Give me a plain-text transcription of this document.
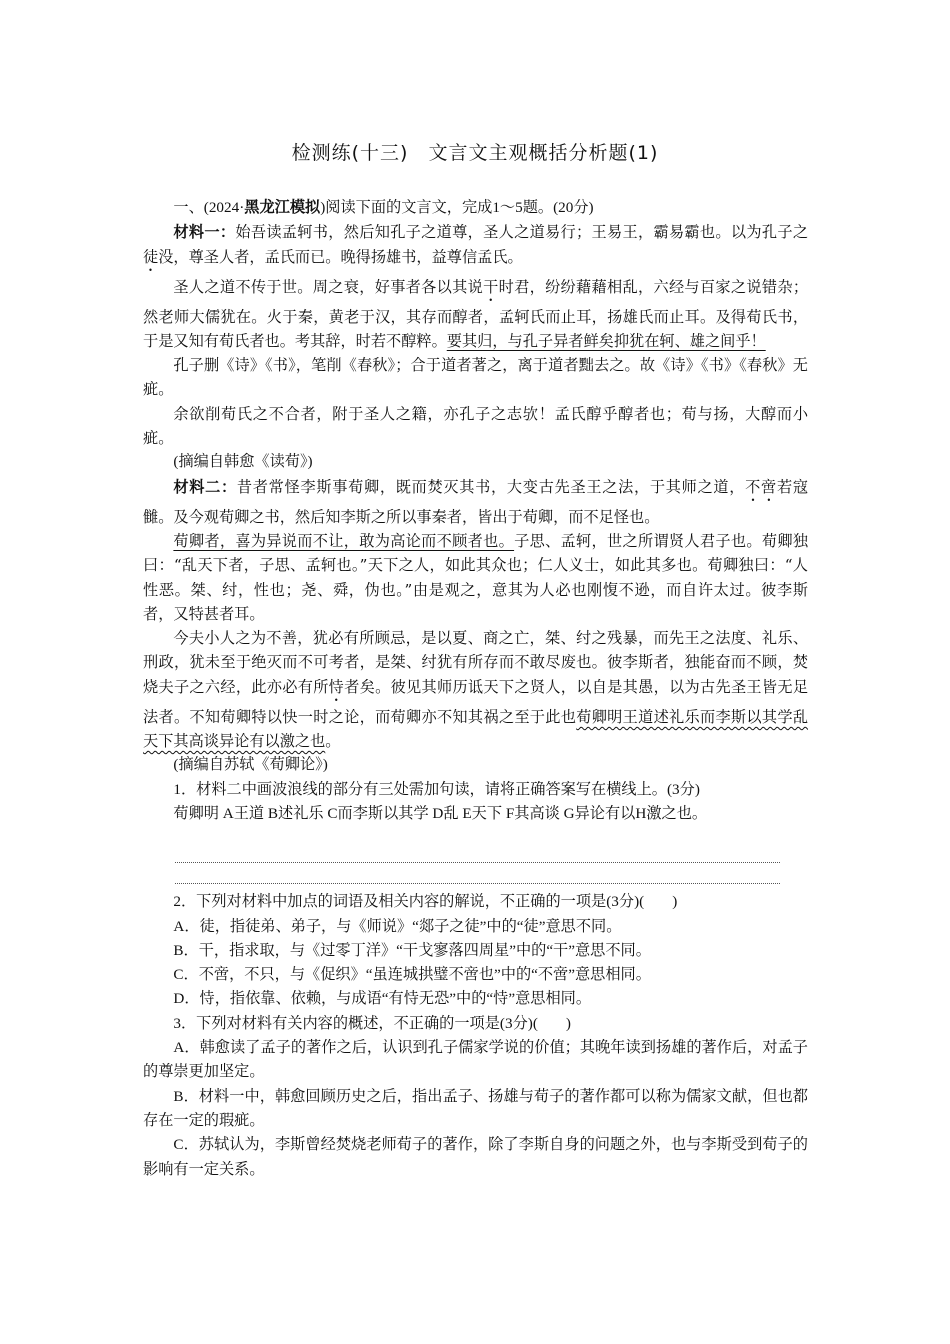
检测练(十三)　文言文主观概括分析题(1)

一、(2024·黑龙江模拟)阅读下面的文言文，完成1～5题。(20分)

材料一：始吾读孟轲书，然后知孔子之道尊，圣人之道易行；王易王，霸易霸也。以为孔子之徒没，尊圣人者，孟氏而已。晚得扬雄书，益尊信孟氏。

圣人之道不传于世。周之衰，好事者各以其说干时君，纷纷藉藉相乱，六经与百家之说错杂；然老师大儒犹在。火于秦，黄老于汉，其存而醇者，孟轲氏而止耳，扬雄氏而止耳。及得荀氏书，于是又知有荀氏者也。考其辞，时若不醇粹。要其归，与孔子异者鲜矣抑犹在轲、雄之间乎！

孔子删《诗》《书》，笔削《春秋》；合于道者著之，离于道者黜去之。故《诗》《书》《春秋》无疵。

余欲削荀氏之不合者，附于圣人之籍，亦孔子之志欤！孟氏醇乎醇者也；荀与扬，大醇而小疵。

(摘编自韩愈《读荀》)

材料二：昔者常怪李斯事荀卿，既而焚灭其书，大变古先圣王之法，于其师之道，不啻若寇雠。及今观荀卿之书，然后知李斯之所以事秦者，皆出于荀卿，而不足怪也。

荀卿者，喜为异说而不让，敢为高论而不顾者也。子思、孟轲，世之所谓贤人君子也。荀卿独曰：“乱天下者，子思、孟轲也。”天下之人，如此其众也；仁人义士，如此其多也。荀卿独曰：“人性恶。桀、纣，性也；尧、舜，伪也。”由是观之，意其为人必也刚愎不逊，而自许太过。彼李斯者，又特甚者耳。

今夫小人之为不善，犹必有所顾忌，是以夏、商之亡，桀、纣之残暴，而先王之法度、礼乐、刑政，犹未至于绝灭而不可考者，是桀、纣犹有所存而不敢尽废也。彼李斯者，独能奋而不顾，焚烧夫子之六经，此亦必有所恃者矣。彼见其师历诋天下之贤人，以自是其愚，以为古先圣王皆无足法者。不知荀卿特以快一时之论，而荀卿亦不知其祸之至于此也荀卿明王道述礼乐而李斯以其学乱天下其高谈异论有以激之也。

(摘编自苏轼《荀卿论》)

1．材料二中画波浪线的部分有三处需加句读，请将正确答案写在横线上。(3分)

荀卿明 A王道 B述礼乐 C而李斯以其学 D乱 E天下 F其高谈 G异论有以H激之也。

2．下列对材料中加点的词语及相关内容的解说，不正确的一项是(3分)( )

A．徒，指徒弟、弟子，与《师说》“郯子之徒”中的“徒”意思不同。

B．干，指求取，与《过零丁洋》“干戈寥落四周星”中的“干”意思不同。

C．不啻，不只，与《促织》“虽连城拱璧不啻也”中的“不啻”意思相同。

D．恃，指依靠、依赖，与成语“有恃无恐”中的“恃”意思相同。

3．下列对材料有关内容的概述，不正确的一项是(3分)( )

A．韩愈读了孟子的著作之后，认识到孔子儒家学说的价值；其晚年读到扬雄的著作后，对孟子的尊崇更加坚定。

B．材料一中，韩愈回顾历史之后，指出孟子、扬雄与荀子的著作都可以称为儒家文献，但也都存在一定的瑕疵。

C．苏轼认为，李斯曾经焚烧老师荀子的著作，除了李斯自身的问题之外，也与李斯受到荀子的影响有一定关系。
